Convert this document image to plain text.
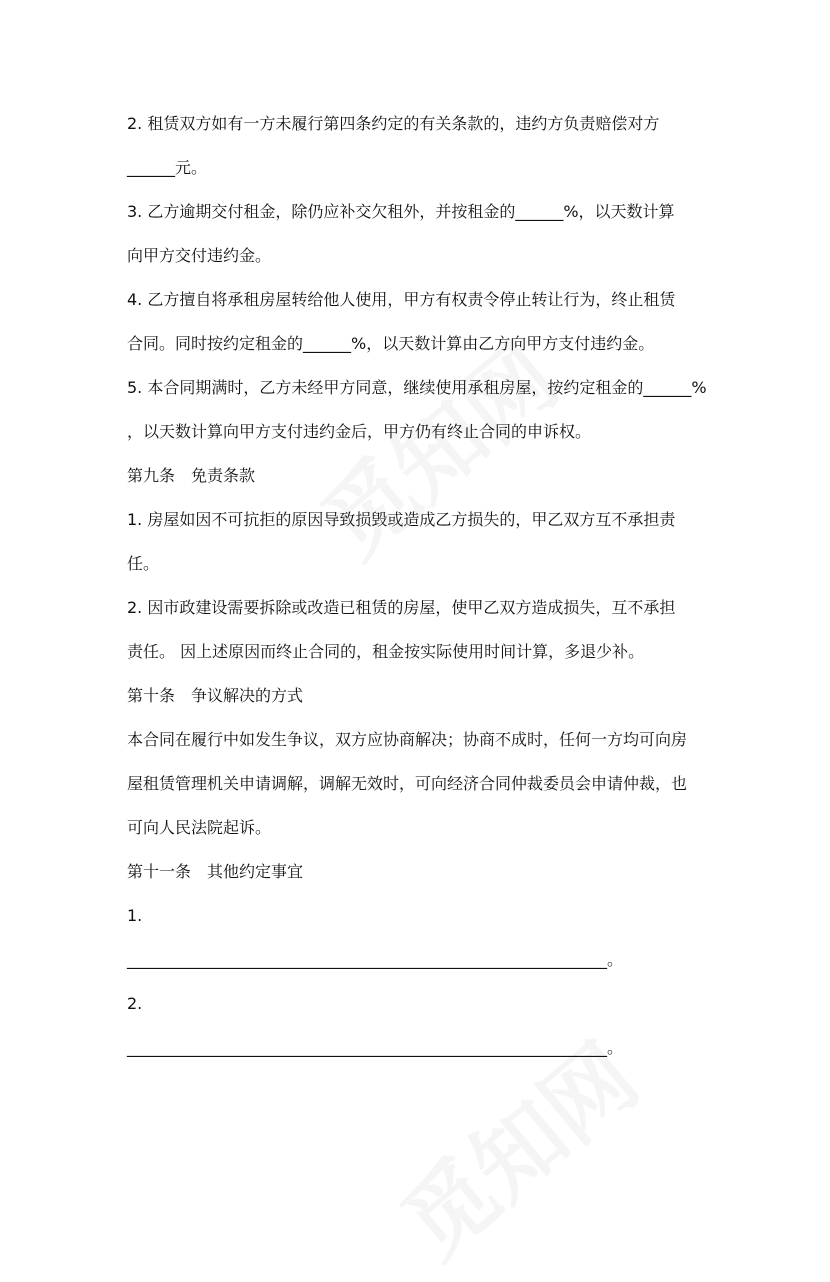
2. 租赁双方如有一方未履行第四条约定的有关条款的，违约方负责赔偿对方
______元。
3. 乙方逾期交付租金，除仍应补交欠租外，并按租金的______%，以天数计算
向甲方交付违约金。
4. 乙方擅自将承租房屋转给他人使用，甲方有权责令停止转让行为，终止租赁
合同。同时按约定租金的______%，以天数计算由乙方向甲方支付违约金。
5. 本合同期满时，乙方未经甲方同意，继续使用承租房屋，按约定租金的______%
，以天数计算向甲方支付违约金后，甲方仍有终止合同的申诉权。
第九条　免责条款
1. 房屋如因不可抗拒的原因导致损毁或造成乙方损失的，甲乙双方互不承担责
任。
2. 因市政建设需要拆除或改造已租赁的房屋，使甲乙双方造成损失，互不承担
责任。 因上述原因而终止合同的，租金按实际使用时间计算，多退少补。
第十条　争议解决的方式
本合同在履行中如发生争议，双方应协商解决；协商不成时，任何一方均可向房
屋租赁管理机关申请调解，调解无效时，可向经济合同仲裁委员会申请仲裁，也
可向人民法院起诉。
第十一条　其他约定事宜
1.
____________________________________________________________。
2.
____________________________________________________________。
